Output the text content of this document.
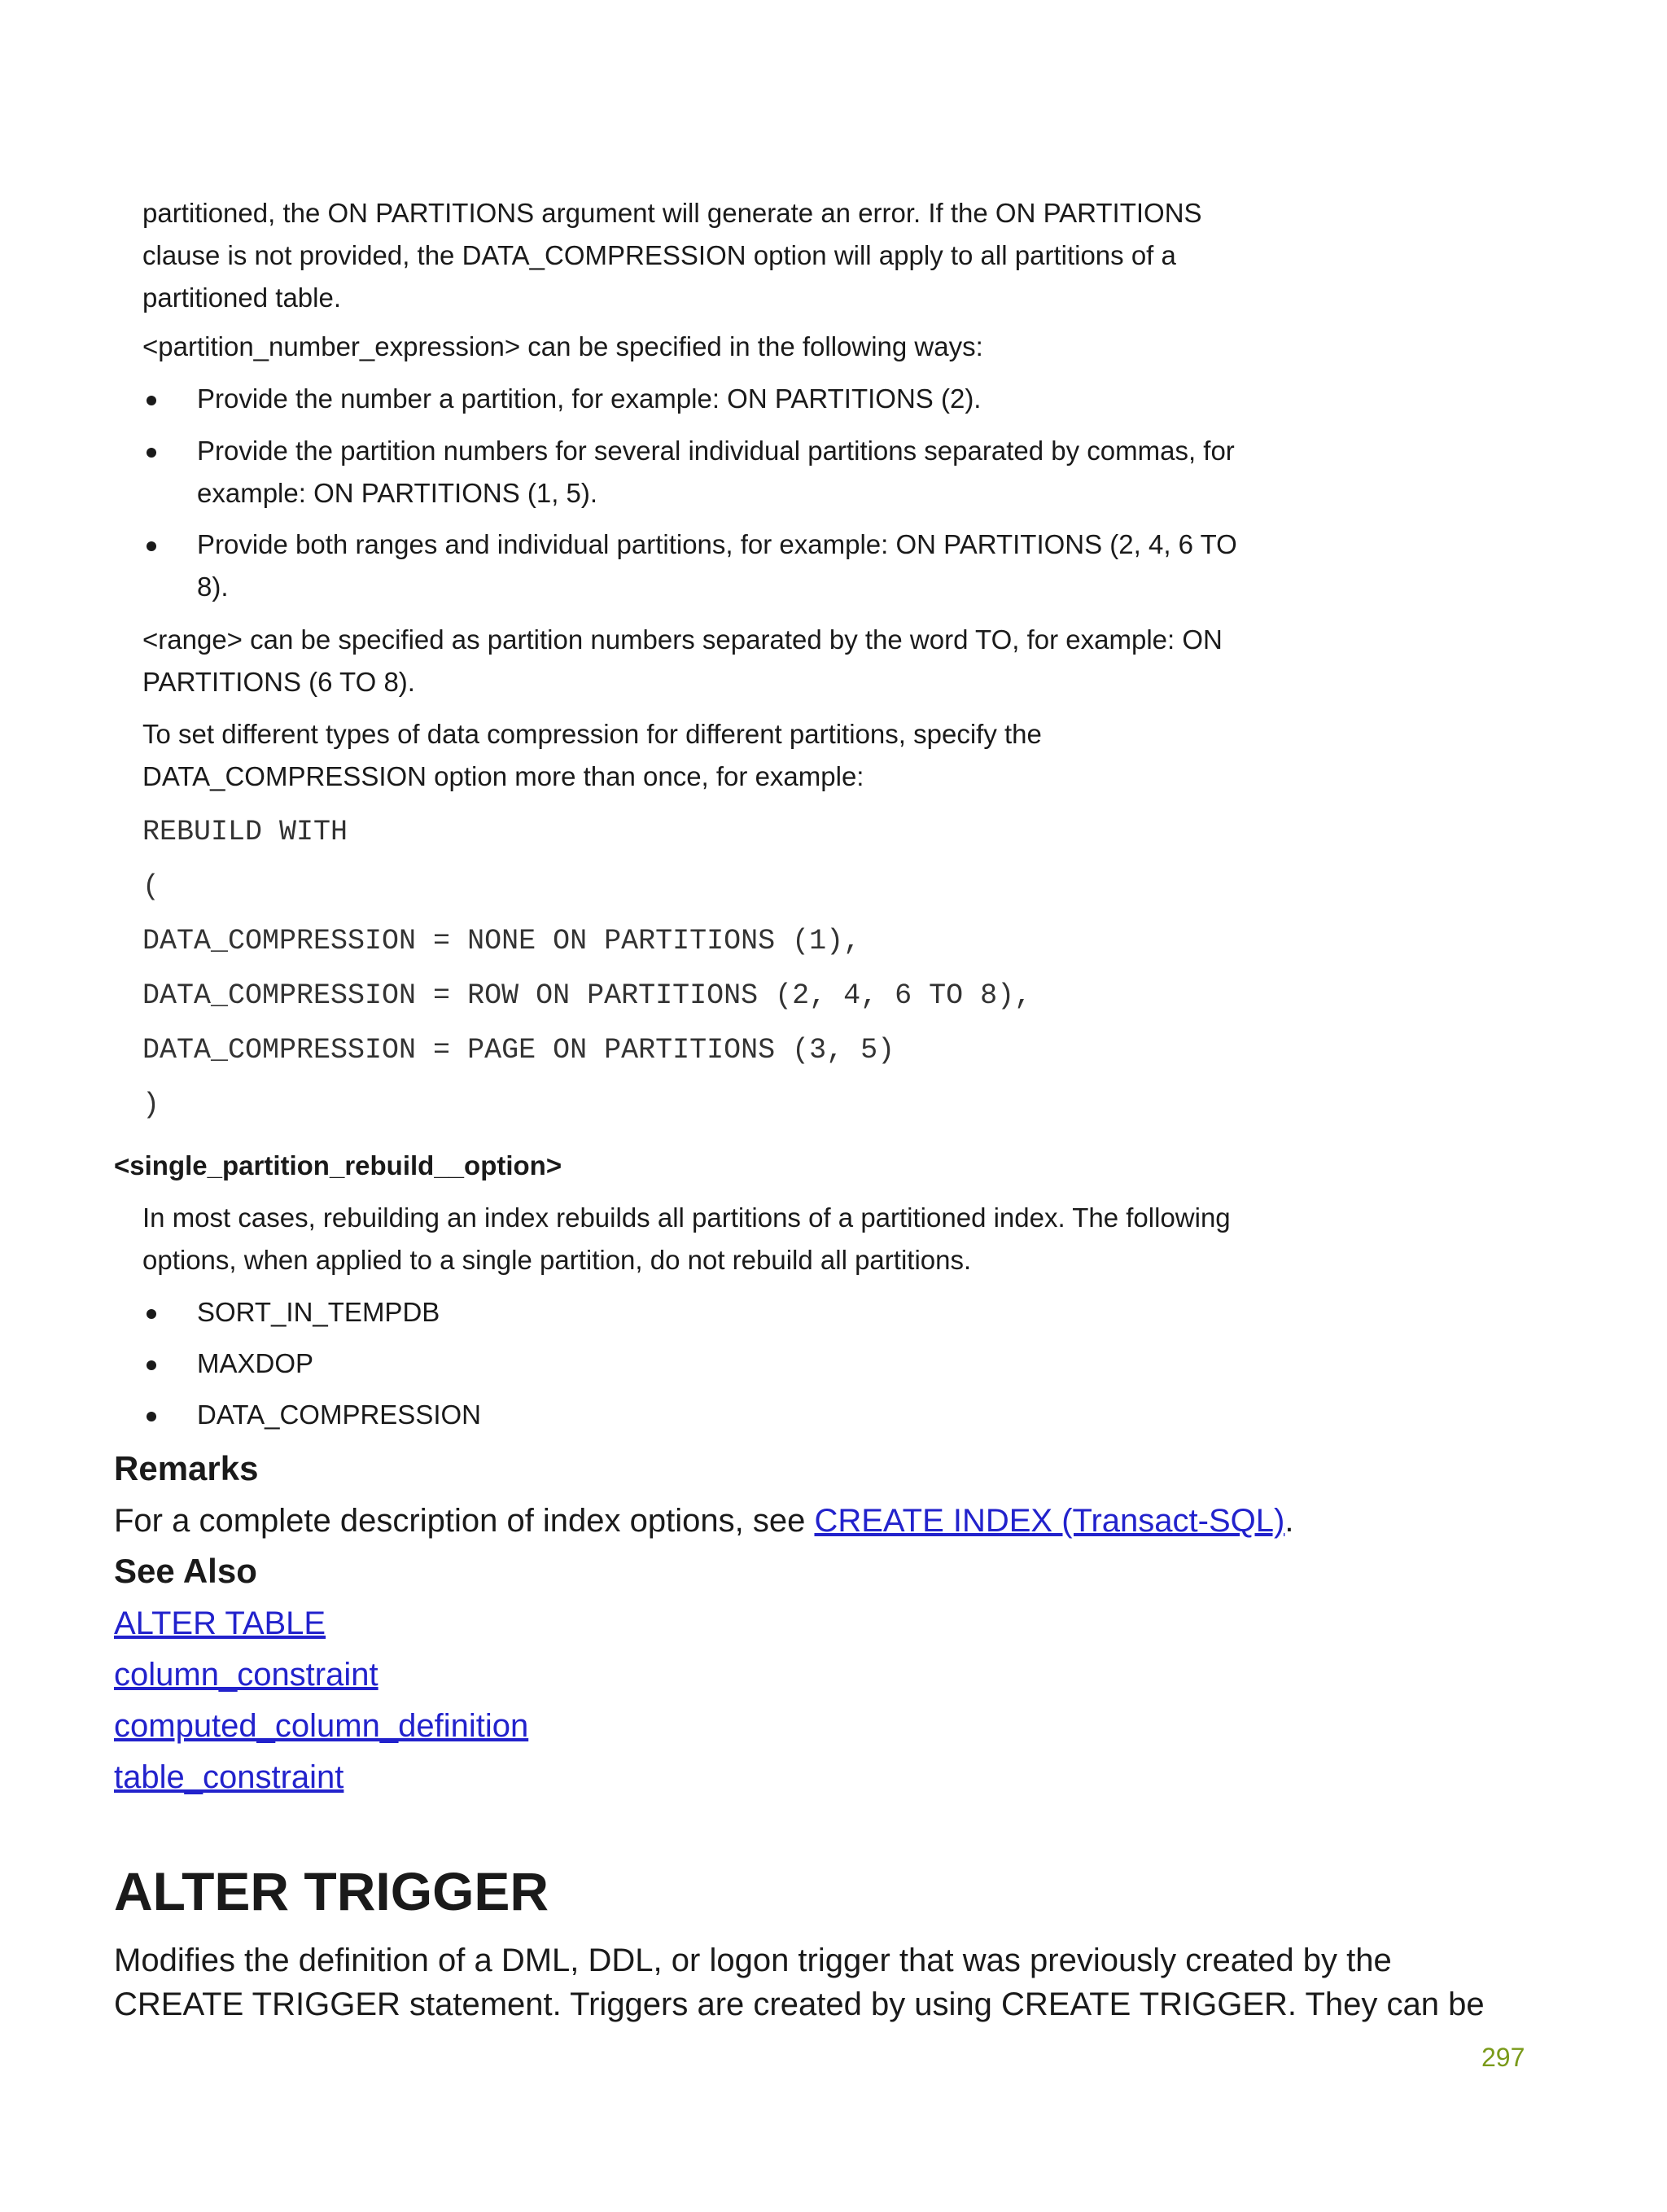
partitioned, the ON PARTITIONS argument will generate an error. If the ON PARTITIONS

clause is not provided, the DATA_COMPRESSION option will apply to all partitions of a

partitioned table.

<partition_number_expression> can be specified in the following ways:

Provide the number a partition, for example: ON PARTITIONS (2).
Provide the partition numbers for several individual partitions separated by commas, for
example: ON PARTITIONS (1, 5).
Provide both ranges and individual partitions, for example: ON PARTITIONS (2, 4, 6 TO
8).

<range> can be specified as partition numbers separated by the word TO, for example: ON

PARTITIONS (6 TO 8).

To set different types of data compression for different partitions, specify the

DATA_COMPRESSION option more than once, for example:

REBUILD WITH
(
DATA_COMPRESSION = NONE ON PARTITIONS (1),
DATA_COMPRESSION = ROW ON PARTITIONS (2, 4, 6 TO 8),
DATA_COMPRESSION = PAGE ON PARTITIONS (3, 5)
)
<single_partition_rebuild__option>

In most cases, rebuilding an index rebuilds all partitions of a partitioned index. The following

options, when applied to a single partition, do not rebuild all partitions.

SORT_IN_TEMPDB
MAXDOP
DATA_COMPRESSION
Remarks
For a complete description of index options, see CREATE INDEX (Transact-SQL).
See Also
ALTER TABLE
column_constraint
computed_column_definition
table_constraint
ALTER TRIGGER
Modifies the definition of a DML, DDL, or logon trigger that was previously created by the
CREATE TRIGGER statement. Triggers are created by using CREATE TRIGGER. They can be
297
